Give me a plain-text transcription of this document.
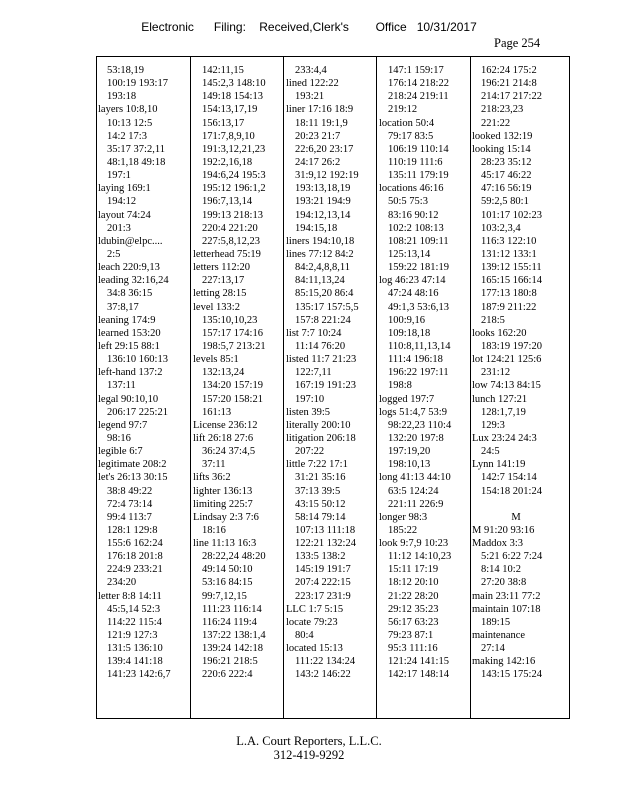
Electronic      Filing:    Received,Clerk's        Office   10/31/2017
Page 254
53:18,19
100:19 193:17
193:18
layers 10:8,10
10:13 12:5
14:2 17:3
35:17 37:2,11
48:1,18 49:18
197:1
laying 169:1
194:12
layout 74:24
201:3
ldubin@elpc....
2:5
leach 220:9,13
leading 32:16,24
34:8 36:15
37:8,17
leaning 174:9
learned 153:20
left 29:15 88:1
136:10 160:13
left-hand 137:2
137:11
legal 90:10,10
206:17 225:21
legend 97:7
98:16
legible 6:7
legitimate 208:2
let's 26:13 30:15
38:8 49:22
72:4 73:14
99:4 113:7
128:1 129:8
155:6 162:24
176:18 201:8
224:9 233:21
234:20
letter 8:8 14:11
45:5,14 52:3
114:22 115:4
121:9 127:3
131:5 136:10
139:4 141:18
141:23 142:6,7
142:11,15
145:2,3 148:10
149:18 154:13
154:13,17,19
156:13,17
171:7,8,9,10
191:3,12,21,23
192:2,16,18
194:6,24 195:3
195:12 196:1,2
196:7,13,14
199:13 218:13
220:4 221:20
227:5,8,12,23
letterhead 75:19
letters 112:20
227:13,17
letting 28:15
level 133:2
135:10,10,23
157:17 174:16
198:5,7 213:21
levels 85:1
132:13,24
134:20 157:19
157:20 158:21
161:13
License 236:12
lift 26:18 27:6
36:24 37:4,5
37:11
lifts 36:2
lighter 136:13
limiting 225:7
Lindsay 2:3 7:6
18:16
line 11:13 16:3
28:22,24 48:20
49:14 50:10
53:16 84:15
99:7,12,15
111:23 116:14
116:24 119:4
137:22 138:1,4
139:24 142:18
196:21 218:5
220:6 222:4
233:4,4
lined 122:22
193:21
liner 17:16 18:9
18:11 19:1,9
20:23 21:7
22:6,20 23:17
24:17 26:2
31:9,12 192:19
193:13,18,19
193:21 194:9
194:12,13,14
194:15,18
liners 194:10,18
lines 77:12 84:2
84:2,4,8,8,11
84:11,13,24
85:15,20 86:4
135:17 157:5,5
157:8 221:24
list 7:7 10:24
11:14 76:20
listed 11:7 21:23
122:7,11
167:19 191:23
197:10
listen 39:5
literally 200:10
litigation 206:18
207:22
little 7:22 17:1
31:21 35:16
37:13 39:5
43:15 50:12
58:14 79:14
107:13 111:18
122:21 132:24
133:5 138:2
145:19 191:7
207:4 222:15
223:17 231:9
LLC 1:7 5:15
locate 79:23
80:4
located 15:13
111:22 134:24
143:2 146:22
147:1 159:17
176:14 218:22
218:24 219:11
219:12
location 50:4
79:17 83:5
106:19 110:14
110:19 111:6
135:11 179:19
locations 46:16
50:5 75:3
83:16 90:12
102:2 108:13
108:21 109:11
125:13,14
159:22 181:19
log 46:23 47:14
47:24 48:16
49:1,3 53:6,13
100:9,16
109:18,18
110:8,11,13,14
111:4 196:18
196:22 197:11
198:8
logged 197:7
logs 51:4,7 53:9
98:22,23 110:4
132:20 197:8
197:19,20
198:10,13
long 41:13 44:10
63:5 124:24
221:11 226:9
longer 98:3
185:22
look 9:7,9 10:23
11:12 14:10,23
15:11 17:19
18:12 20:10
21:22 28:20
29:12 35:23
56:17 63:23
79:23 87:1
95:3 111:16
121:24 141:15
142:17 148:14
162:24 175:2
196:21 214:8
214:17 217:22
218:23,23
221:22
looked 132:19
looking 15:14
28:23 35:12
45:17 46:22
47:16 56:19
59:2,5 80:1
101:17 102:23
103:2,3,4
116:3 122:10
131:12 133:1
139:12 155:11
165:15 166:14
177:13 180:8
187:9 211:22
218:5
looks 162:20
183:19 197:20
lot 124:21 125:6
231:12
low 74:13 84:15
lunch 127:21
128:1,7,19
129:3
Lux 23:24 24:3
24:5
Lynn 141:19
142:7 154:14
154:18 201:24
M
M 91:20 93:16
Maddox 3:3
5:21 6:22 7:24
8:14 10:2
27:20 38:8
main 23:11 77:2
maintain 107:18
189:15
maintenance
27:14
making 142:16
143:15 175:24
L.A. Court Reporters, L.L.C.
312-419-9292
